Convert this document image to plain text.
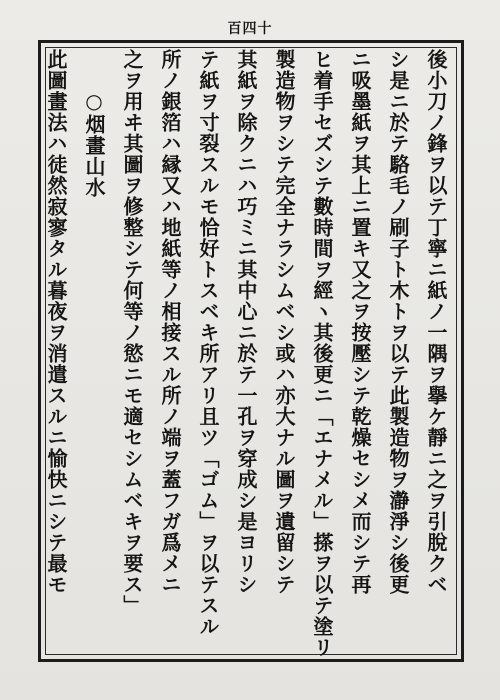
百四十
後小刀ノ鋒ヲ以テ丁寧ニ紙ノ一隅ヲ擧ケ靜ニ之ヲ引脫クベ
シ是ニ於テ駱毛ノ刷子ト木トヲ以テ此製造物ヲ瀞淨シ後更
ニ吸墨紙ヲ其上ニ置キ又之ヲ按壓シテ乾燥セシメ而シテ再
ヒ着手セズシテ數時間ヲ經ヽ其後更ニ「エナメル」搽ヲ以テ塗リ
製造物ヲシテ完全ナラシムベシ或ハ亦大ナル圖ヲ遺留シテ
其紙ヲ除クニハ巧ミニ其中心ニ於テ一孔ヲ穿成シ是ヨリシ
テ紙ヲ寸裂スルモ恰好トスベキ所アリ且ツ「ゴム」ヲ以テスル
所ノ銀箔ハ縁又ハ地紙等ノ相接スル所ノ端ヲ蓋フガ爲メニ
之ヲ用ヰ其圖ヲ修整シテ何等ノ慾ニモ適セシムベキヲ要ス」
○烟畫山水
此圖畫法ハ徒然寂寥タル暮夜ヲ消遣スルニ愉快ニシテ最モ
